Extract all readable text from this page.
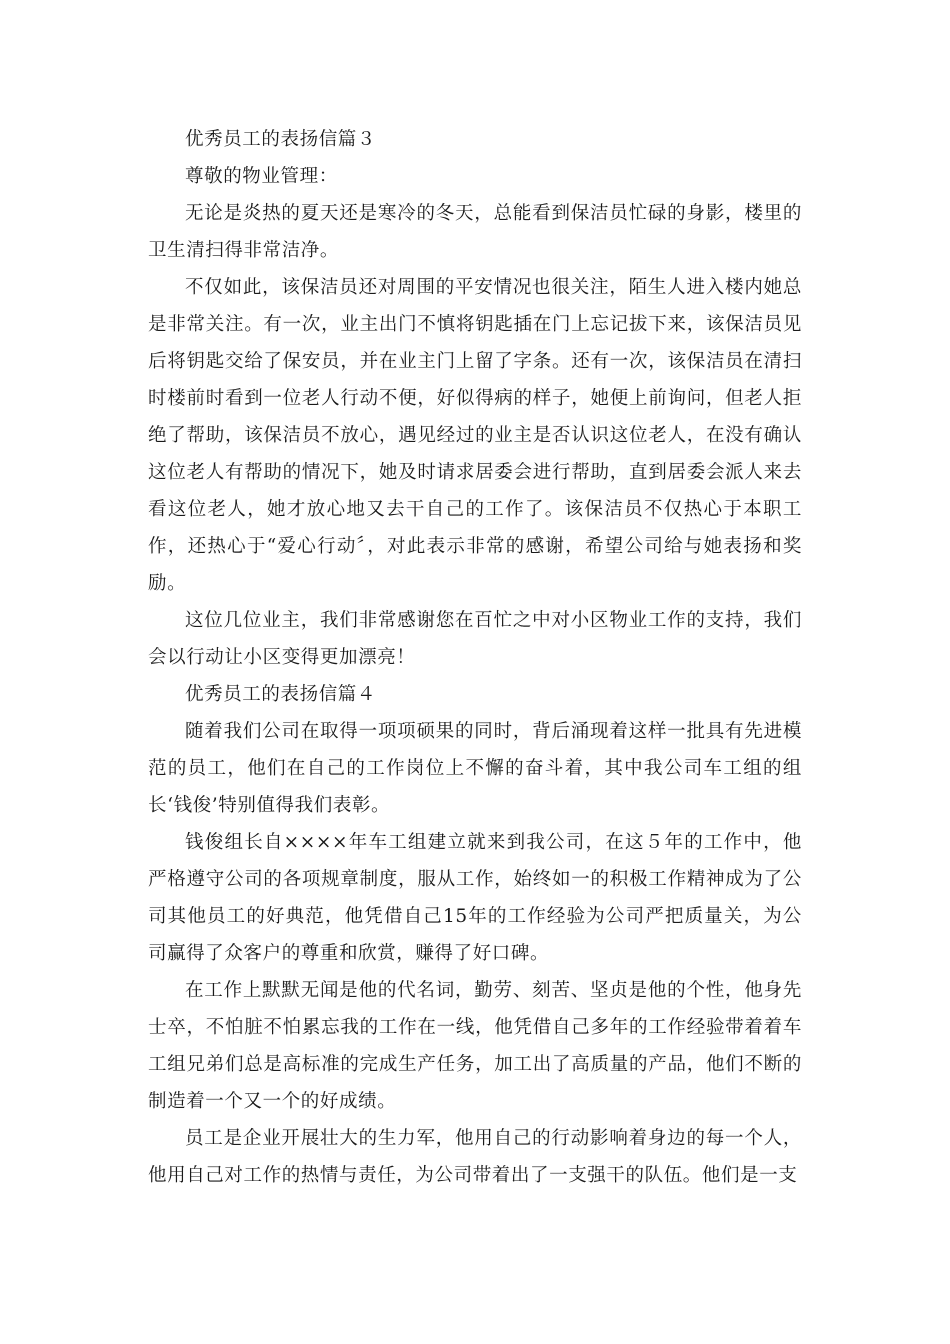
优秀员工的表扬信篇３

尊敬的物业管理：

无论是炎热的夏天还是寒冷的冬天，总能看到保洁员忙碌的身影，楼里的卫生清扫得非常洁净。

不仅如此，该保洁员还对周围的平安情况也很关注，陌生人进入楼内她总是非常关注。有一次，业主出门不慎将钥匙插在门上忘记拔下来，该保洁员见后将钥匙交给了保安员，并在业主门上留了字条。还有一次，该保洁员在清扫时楼前时看到一位老人行动不便，好似得病的样子，她便上前询问，但老人拒绝了帮助，该保洁员不放心，遇见经过的业主是否认识这位老人，在没有确认这位老人有帮助的情况下，她及时请求居委会进行帮助，直到居委会派人来去看这位老人，她才放心地又去干自己的工作了。该保洁员不仅热心于本职工作，还热心于“爱心行动〞，对此表示非常的感谢，希望公司给与她表扬和奖励。

这位几位业主，我们非常感谢您在百忙之中对小区物业工作的支持，我们会以行动让小区变得更加漂亮！

优秀员工的表扬信篇４

随着我们公司在取得一项项硕果的同时，背后涌现着这样一批具有先进模范的员工，他们在自己的工作岗位上不懈的奋斗着，其中我公司车工组的组长‘钱俊’特别值得我们表彰。

钱俊组长自××××年车工组建立就来到我公司，在这５年的工作中，他严格遵守公司的各项规章制度，服从工作，始终如一的积极工作精神成为了公司其他员工的好典范，他凭借自己15年的工作经验为公司严把质量关，为公司赢得了众客户的尊重和欣赏，赚得了好口碑。

在工作上默默无闻是他的代名词，勤劳、刻苦、坚贞是他的个性，他身先士卒，不怕脏不怕累忘我的工作在一线，他凭借自己多年的工作经验带着着车工组兄弟们总是高标准的完成生产任务，加工出了高质量的产品，他们不断的制造着一个又一个的好成绩。

员工是企业开展壮大的生力军，他用自己的行动影响着身边的每一个人，他用自己对工作的热情与责任，为公司带着出了一支强干的队伍。他们是一支
